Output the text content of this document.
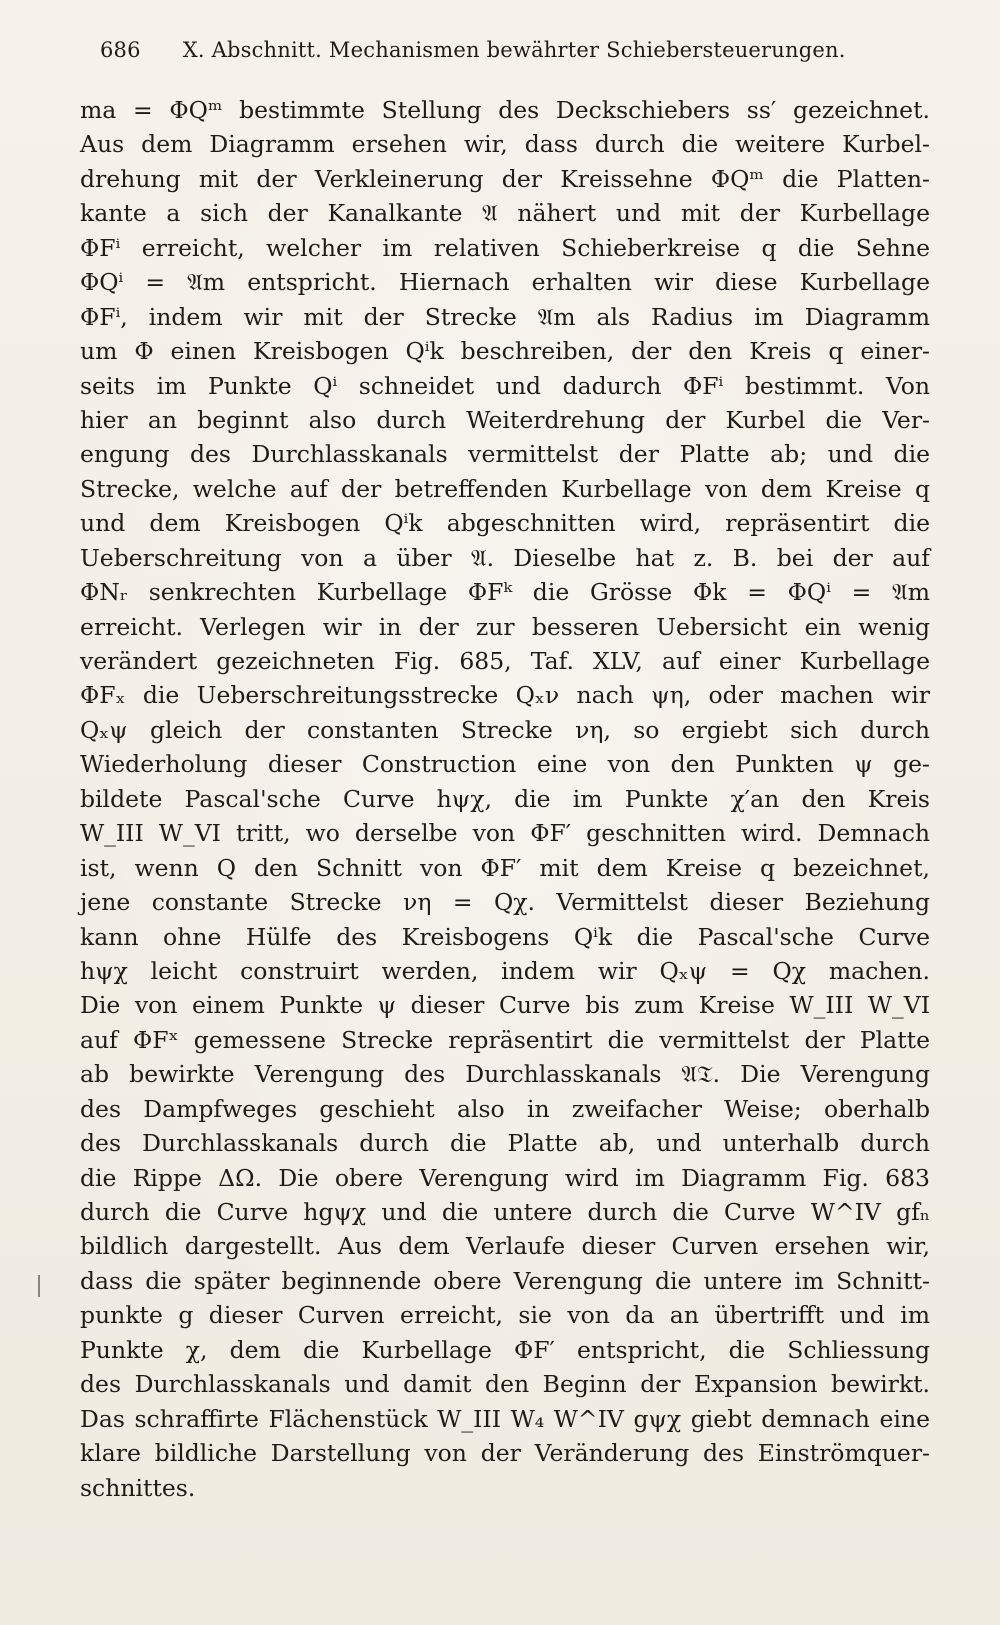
686 X. Abschnitt. Mechanismen bewährter Schiebersteuerungen.
ma = ΦQᵐ bestimmte Stellung des Deckschiebers ss′ gezeichnet.
Aus dem Diagramm ersehen wir, dass durch die weitere Kurbel-
drehung mit der Verkleinerung der Kreissehne ΦQᵐ die Platten-
kante a sich der Kanalkante 𝔄 nähert und mit der Kurbellage
ΦFⁱ erreicht, welcher im relativen Schieberkreise q die Sehne
ΦQⁱ = 𝔄m entspricht. Hiernach erhalten wir diese Kurbellage
ΦFⁱ, indem wir mit der Strecke 𝔄m als Radius im Diagramm
um Φ einen Kreisbogen Qⁱk beschreiben, der den Kreis q einer-
seits im Punkte Qⁱ schneidet und dadurch ΦFⁱ bestimmt. Von
hier an beginnt also durch Weiterdrehung der Kurbel die Ver-
engung des Durchlasskanals vermittelst der Platte ab; und die
Strecke, welche auf der betreffenden Kurbellage von dem Kreise q
und dem Kreisbogen Qⁱk abgeschnitten wird, repräsentirt die
Ueberschreitung von a über 𝔄. Dieselbe hat z. B. bei der auf
ΦNᵣ senkrechten Kurbellage ΦFᵏ die Grösse Φk = ΦQⁱ = 𝔄m
erreicht. Verlegen wir in der zur besseren Uebersicht ein wenig
verändert gezeichneten Fig. 685, Taf. XLV, auf einer Kurbellage
ΦFₓ die Ueberschreitungsstrecke Qₓν nach ψη, oder machen wir
Qₓψ gleich der constanten Strecke νη, so ergiebt sich durch
Wiederholung dieser Construction eine von den Punkten ψ ge-
bildete Pascal'sche Curve hψχ, die im Punkte χ′an den Kreis
W_III W_VI tritt, wo derselbe von ΦF′ geschnitten wird. Demnach
ist, wenn Q den Schnitt von ΦF′ mit dem Kreise q bezeichnet,
jene constante Strecke νη = Qχ. Vermittelst dieser Beziehung
kann ohne Hülfe des Kreisbogens Qⁱk die Pascal'sche Curve
hψχ leicht construirt werden, indem wir Qₓψ = Qχ machen.
Die von einem Punkte ψ dieser Curve bis zum Kreise W_III W_VI
auf ΦFˣ gemessene Strecke repräsentirt die vermittelst der Platte
ab bewirkte Verengung des Durchlasskanals 𝔄𝔗. Die Verengung
des Dampfweges geschieht also in zweifacher Weise; oberhalb
des Durchlasskanals durch die Platte ab, und unterhalb durch
die Rippe ΔΩ. Die obere Verengung wird im Diagramm Fig. 683
durch die Curve hgψχ und die untere durch die Curve W^IV gfₙ
bildlich dargestellt. Aus dem Verlaufe dieser Curven ersehen wir,
dass die später beginnende obere Verengung die untere im Schnitt-
punkte g dieser Curven erreicht, sie von da an übertrifft und im
Punkte χ, dem die Kurbellage ΦF′ entspricht, die Schliessung
des Durchlasskanals und damit den Beginn der Expansion bewirkt.
Das schraffirte Flächenstück W_III W₄ W^IV gψχ giebt demnach eine
klare bildliche Darstellung von der Veränderung des Einströmquer-
schnittes.
